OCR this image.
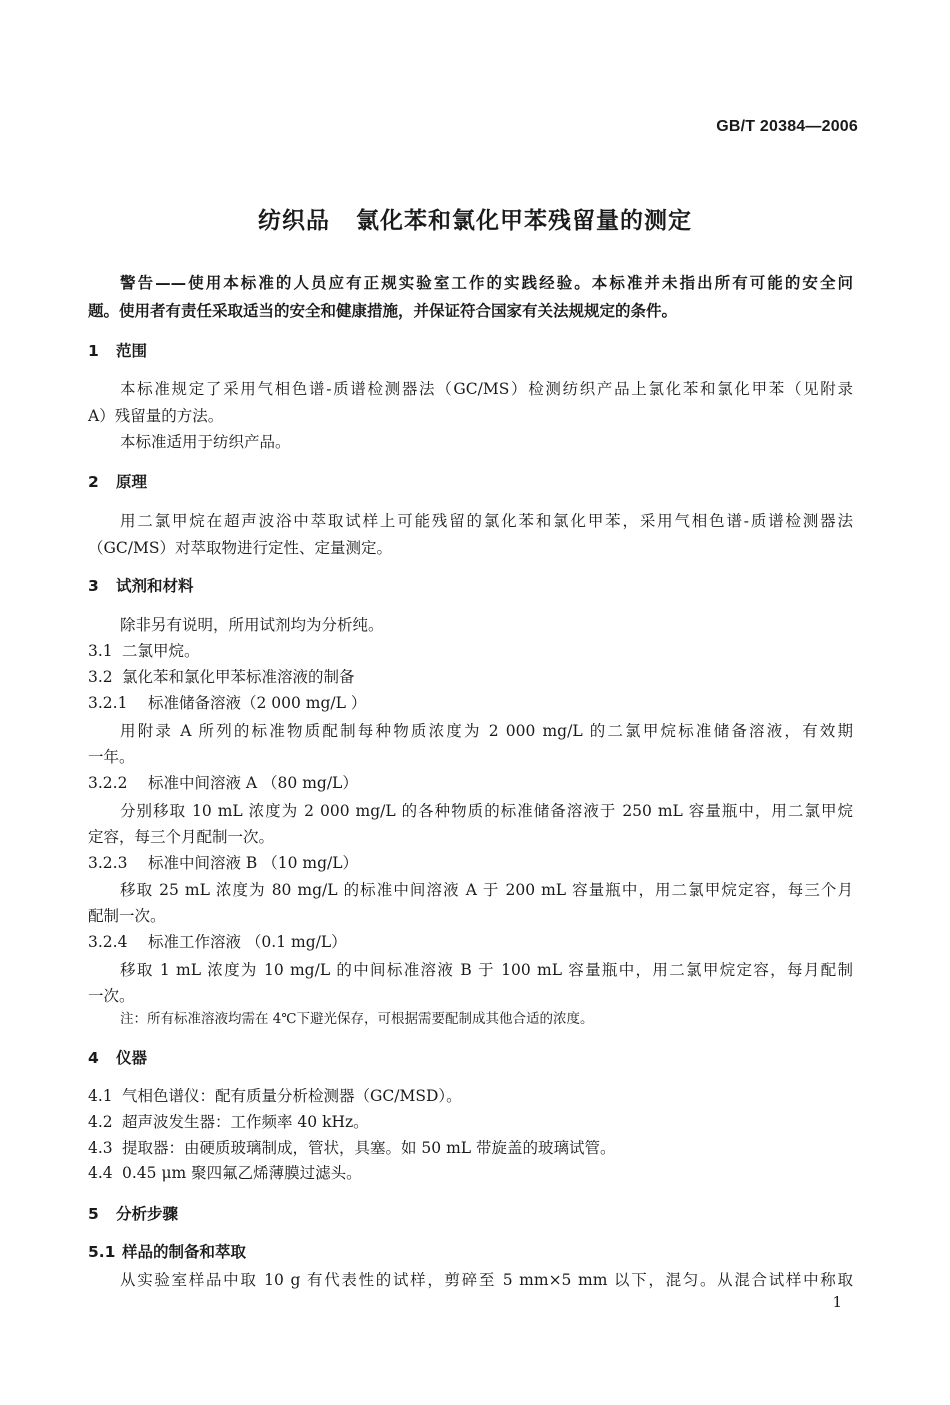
GB/T 20384—2006
纺织品 氯化苯和氯化甲苯残留量的测定
警告——使用本标准的人员应有正规实验室工作的实践经验。本标准并未指出所有可能的安全问
题。使用者有责任采取适当的安全和健康措施，并保证符合国家有关法规规定的条件。
1 范围
本标准规定了采用气相色谱-质谱检测器法（GC/MS）检测纺织产品上氯化苯和氯化甲苯（见附录
A）残留量的方法。
本标准适用于纺织产品。
2 原理
用二氯甲烷在超声波浴中萃取试样上可能残留的氯化苯和氯化甲苯，采用气相色谱-质谱检测器法
（GC/MS）对萃取物进行定性、定量测定。
3 试剂和材料
除非另有说明，所用试剂均为分析纯。
3.1 二氯甲烷。
3.2 氯化苯和氯化甲苯标准溶液的制备
3.2.1 标准储备溶液（2 000 mg/L ）
用附录 A 所列的标准物质配制每种物质浓度为 2 000 mg/L 的二氯甲烷标准储备溶液，有效期
一年。
3.2.2 标准中间溶液 A （80 mg/L）
分别移取 10 mL 浓度为 2 000 mg/L 的各种物质的标准储备溶液于 250 mL 容量瓶中，用二氯甲烷
定容，每三个月配制一次。
3.2.3 标准中间溶液 B （10 mg/L）
移取 25 mL 浓度为 80 mg/L 的标准中间溶液 A 于 200 mL 容量瓶中，用二氯甲烷定容，每三个月
配制一次。
3.2.4 标准工作溶液 （0.1 mg/L）
移取 1 mL 浓度为 10 mg/L 的中间标准溶液 B 于 100 mL 容量瓶中，用二氯甲烷定容，每月配制
一次。
注：所有标准溶液均需在 4℃下避光保存，可根据需要配制成其他合适的浓度。
4 仪器
4.1 气相色谱仪：配有质量分析检测器（GC/MSD）。
4.2 超声波发生器：工作频率 40 kHz。
4.3 提取器：由硬质玻璃制成，管状，具塞。如 50 mL 带旋盖的玻璃试管。
4.4 0.45 μm 聚四氟乙烯薄膜过滤头。
5 分析步骤
5.1 样品的制备和萃取
从实验室样品中取 10 g 有代表性的试样，剪碎至 5 mm×5 mm 以下，混匀。从混合试样中称取
1
